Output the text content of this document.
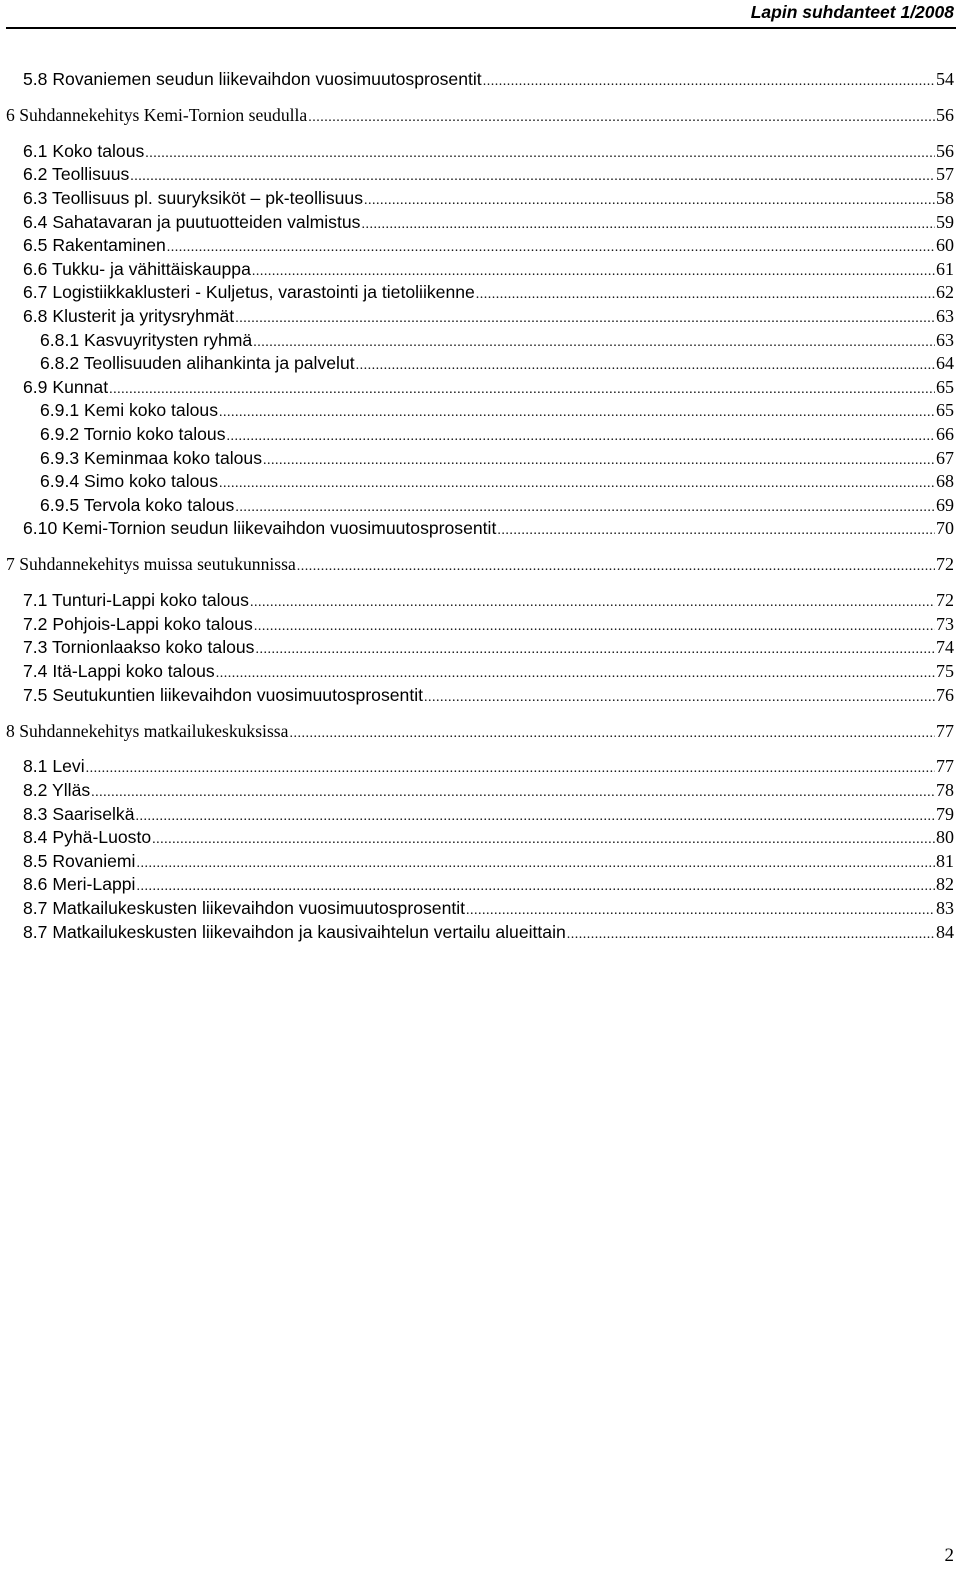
Lapin suhdanteet 1/2008
5.8 Rovaniemen seudun liikevaihdon vuosimuutosprosentit .....	54
6 Suhdannekehitys Kemi-Tornion seudulla .....	56
6.1 Koko talous .....	56
6.2 Teollisuus .....	57
6.3 Teollisuus pl. suuryksiköt – pk-teollisuus .....	58
6.4 Sahatavaran ja puutuotteiden valmistus .....	59
6.5 Rakentaminen .....	60
6.6 Tukku- ja vähittäiskauppa .....	61
6.7 Logistiikkaklusteri - Kuljetus, varastointi ja tietoliikenne .....	62
6.8 Klusterit ja yritysryhmät .....	63
6.8.1 Kasvuyritysten ryhmä .....	63
6.8.2 Teollisuuden alihankinta ja palvelut .....	64
6.9 Kunnat .....	65
6.9.1 Kemi koko talous .....	65
6.9.2 Tornio koko talous .....	66
6.9.3 Keminmaa koko talous .....	67
6.9.4 Simo koko talous .....	68
6.9.5 Tervola koko talous .....	69
6.10 Kemi-Tornion seudun liikevaihdon vuosimuutosprosentit .....	70
7 Suhdannekehitys muissa seutukunnissa .....	72
7.1 Tunturi-Lappi koko talous .....	72
7.2 Pohjois-Lappi koko talous .....	73
7.3 Tornionlaakso koko talous .....	74
7.4 Itä-Lappi koko talous .....	75
7.5 Seutukuntien liikevaihdon vuosimuutosprosentit .....	76
8 Suhdannekehitys matkailukeskuksissa .....	77
8.1 Levi .....	77
8.2 Ylläs .....	78
8.3 Saariselkä .....	79
8.4 Pyhä-Luosto .....	80
8.5 Rovaniemi .....	81
8.6 Meri-Lappi .....	82
8.7 Matkailukeskusten liikevaihdon vuosimuutosprosentit .....	83
8.7 Matkailukeskusten liikevaihdon ja kausivaihtelun vertailu alueittain .....	84
2
